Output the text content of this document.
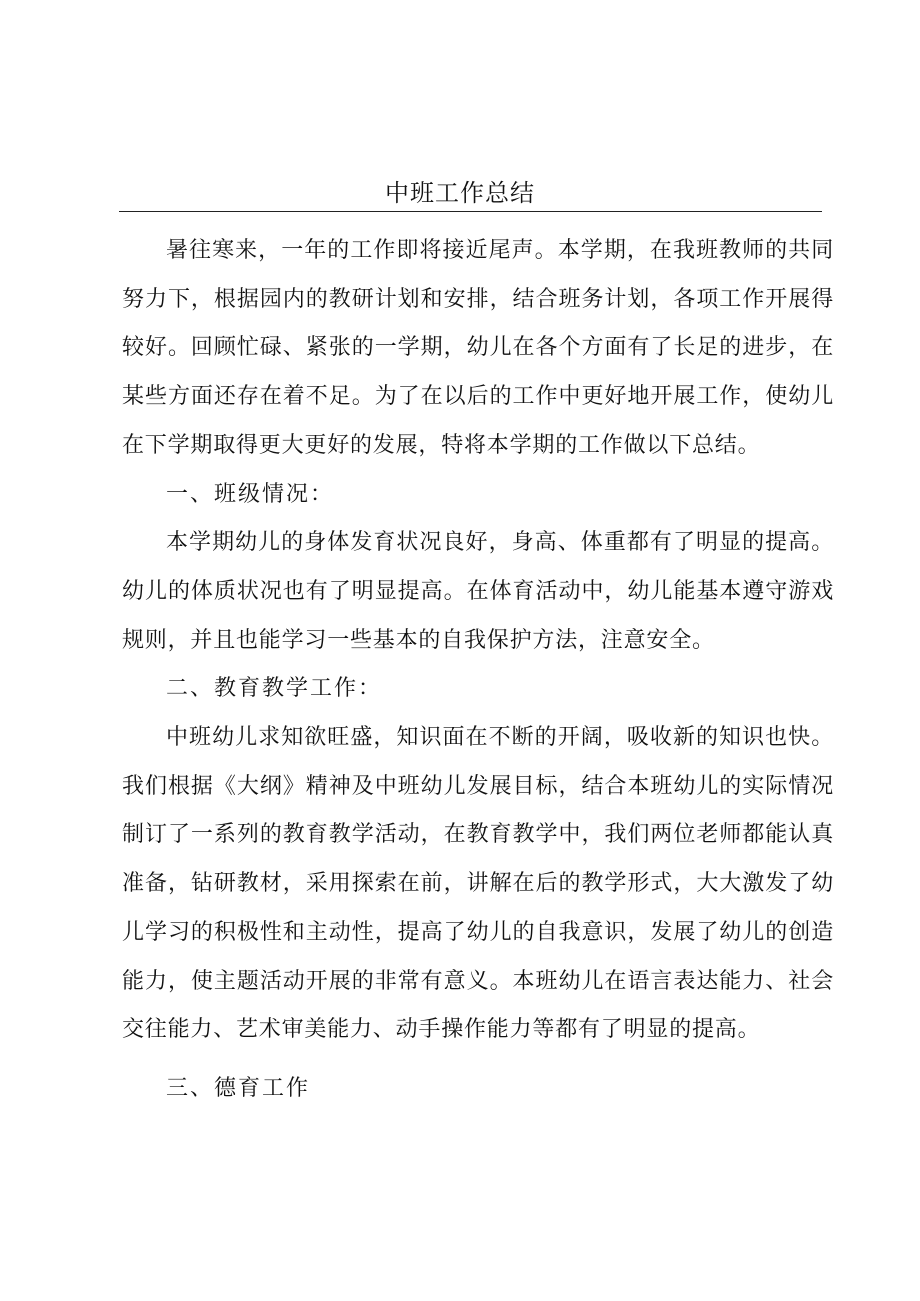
中班工作总结

暑往寒来，一年的工作即将接近尾声。本学期，在我班教师的共同努力下，根据园内的教研计划和安排，结合班务计划，各项工作开展得较好。回顾忙碌、紧张的一学期，幼儿在各个方面有了长足的进步，在某些方面还存在着不足。为了在以后的工作中更好地开展工作，使幼儿在下学期取得更大更好的发展，特将本学期的工作做以下总结。

一、班级情况：

本学期幼儿的身体发育状况良好，身高、体重都有了明显的提高。幼儿的体质状况也有了明显提高。在体育活动中，幼儿能基本遵守游戏规则，并且也能学习一些基本的自我保护方法，注意安全。

二、教育教学工作：

中班幼儿求知欲旺盛，知识面在不断的开阔，吸收新的知识也快。我们根据《大纲》精神及中班幼儿发展目标，结合本班幼儿的实际情况制订了一系列的教育教学活动，在教育教学中，我们两位老师都能认真准备，钻研教材，采用探索在前，讲解在后的教学形式，大大激发了幼儿学习的积极性和主动性，提高了幼儿的自我意识，发展了幼儿的创造能力，使主题活动开展的非常有意义。本班幼儿在语言表达能力、社会交往能力、艺术审美能力、动手操作能力等都有了明显的提高。

三、德育工作
